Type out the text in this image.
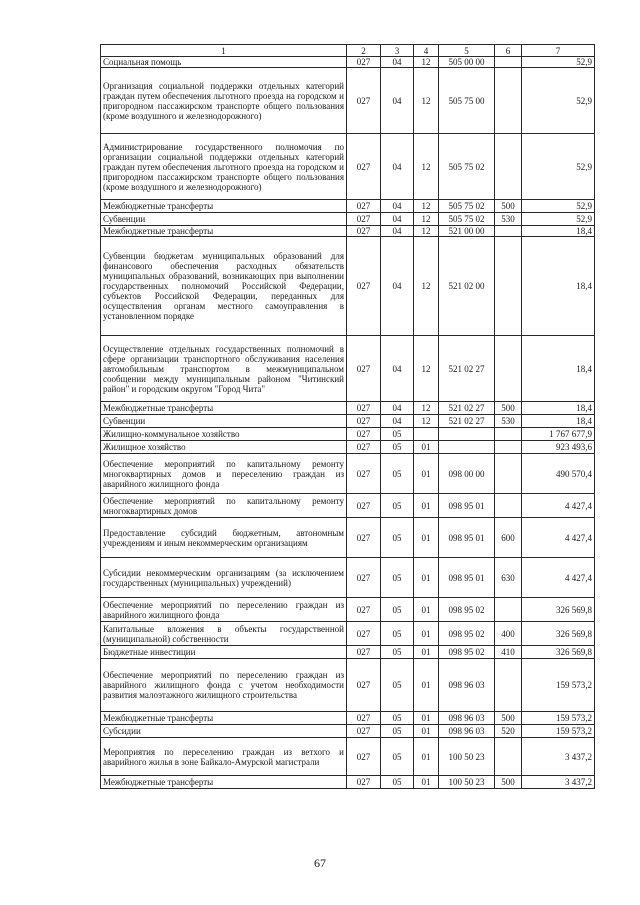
1	2	3	4	5	6	7
Социальная помощь	027	04	12	505 00 00		52,9
Организация социальной поддержки отдельных категорий граждан путем обеспечения льготного проезда на городском и пригородном пассажирском транспорте общего пользования (кроме воздушного и железнодорожного)	027	04	12	505 75 00		52,9
Администрирование государственного полномочия по организации социальной поддержки отдельных категорий граждан путем обеспечения льготного проезда на городском и пригородном пассажирском транспорте общего пользования (кроме воздушного и железнодорожного)	027	04	12	505 75 02		52,9
Межбюджетные трансферты	027	04	12	505 75 02	500	52,9
Субвенции	027	04	12	505 75 02	530	52,9
Межбюджетные трансферты	027	04	12	521 00 00		18,4
Субвенции бюджетам муниципальных образований для финансового обеспечения расходных обязательств муниципальных образований, возникающих при выполнении государственных полномочий Российской Федерации, субъектов Российской Федерации, переданных для осуществления органам местного самоуправления в установленном порядке	027	04	12	521 02 00		18,4
Осуществление отдельных государственных полномочий в сфере организации транспортного обслуживания населения автомобильным транспортом в межмуниципальном сообщении между муниципальным районом "Читинский район" и городским округом "Город Чита"	027	04	12	521 02 27		18,4
Межбюджетные трансферты	027	04	12	521 02 27	500	18,4
Субвенции	027	04	12	521 02 27	530	18,4
Жилищно-коммунальное хозяйство	027	05				1 767 677,9
Жилищное хозяйство	027	05	01			923 493,6
Обеспечение мероприятий по капитальному ремонту многоквартирных домов и переселению граждан из аварийного жилищного фонда	027	05	01	098 00 00		490 570,4
Обеспечение мероприятий по капитальному ремонту многоквартирных домов	027	05	01	098 95 01		4 427,4
Предоставление субсидий бюджетным, автономным учреждениям и иным некоммерческим организациям	027	05	01	098 95 01	600	4 427,4
Субсидии некоммерческим организациям (за исключением государственных (муниципальных) учреждений)	027	05	01	098 95 01	630	4 427,4
Обеспечение мероприятий по переселению граждан из аварийного жилищного фонда	027	05	01	098 95 02		326 569,8
Капитальные вложения в объекты государственной (муниципальной) собственности	027	05	01	098 95 02	400	326 569,8
Бюджетные инвестиции	027	05	01	098 95 02	410	326 569,8
Обеспечение мероприятий по переселению граждан из аварийного жилищного фонда с учетом необходимости развития малоэтажного жилищного строительства	027	05	01	098 96 03		159 573,2
Межбюджетные трансферты	027	05	01	098 96 03	500	159 573,2
Субсидии	027	05	01	098 96 03	520	159 573,2
Мероприятия по переселению граждан из ветхого и аварийного жилья в зоне Байкало-Амурской магистрали	027	05	01	100 50 23		3 437,2
Межбюджетные трансферты	027	05	01	100 50 23	500	3 437,2
67
